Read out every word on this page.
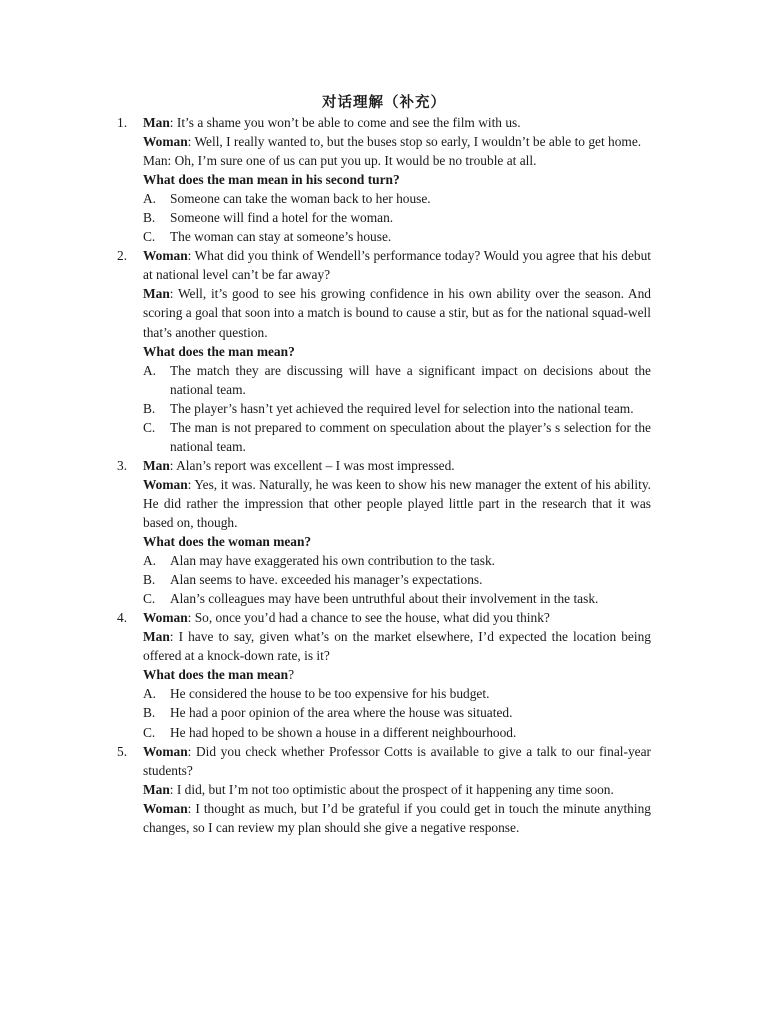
对话理解（补充）
1.	Man: It’s a shame you won’t be able to come and see the film with us.

Woman: Well, I really wanted to, but the buses stop so early, I wouldn’t be able to get home.

Man: Oh, I’m sure one of us can put you up. It would be no trouble at all.

What does the man mean in his second turn?

A.	Someone can take the woman back to her house.
B.	Someone will find a hotel for the woman.
C.	The woman can stay at someone’s house.
2.	Woman: What did you think of Wendell’s performance today? Would you agree that his debut at national level can’t be far away?

Man: Well, it’s good to see his growing confidence in his own ability over the season. And scoring a goal that soon into a match is bound to cause a stir, but as for the national squad-well that’s another question.

What does the man mean?

A.	The match they are discussing will have a significant impact on decisions about the national team.
B.	The player’s hasn’t yet achieved the required level for selection into the national team.
C.	The man is not prepared to comment on speculation about the player’s s selection for the national team.
3.	Man: Alan’s report was excellent – I was most impressed.

Woman: Yes, it was. Naturally, he was keen to show his new manager the extent of his ability. He did rather the impression that other people played little part in the research that it was based on, though.

What does the woman mean?

A.	Alan may have exaggerated his own contribution to the task.
B.	Alan seems to have. exceeded his manager’s expectations.
C.	Alan’s colleagues may have been untruthful about their involvement in the task.
4.	Woman: So, once you’d had a chance to see the house, what did you think?

Man: I have to say, given what’s on the market elsewhere, I’d expected the location being offered at a knock-down rate, is it?

What does the man mean?

A.	He considered the house to be too expensive for his budget.
B.	He had a poor opinion of the area where the house was situated.
C.	He had hoped to be shown a house in a different neighbourhood.
5.	Woman: Did you check whether Professor Cotts is available to give a talk to our final-year students?

Man: I did, but I’m not too optimistic about the prospect of it happening any time soon.

Woman: I thought as much, but I’d be grateful if you could get in touch the minute anything changes, so I can review my plan should she give a negative response.
